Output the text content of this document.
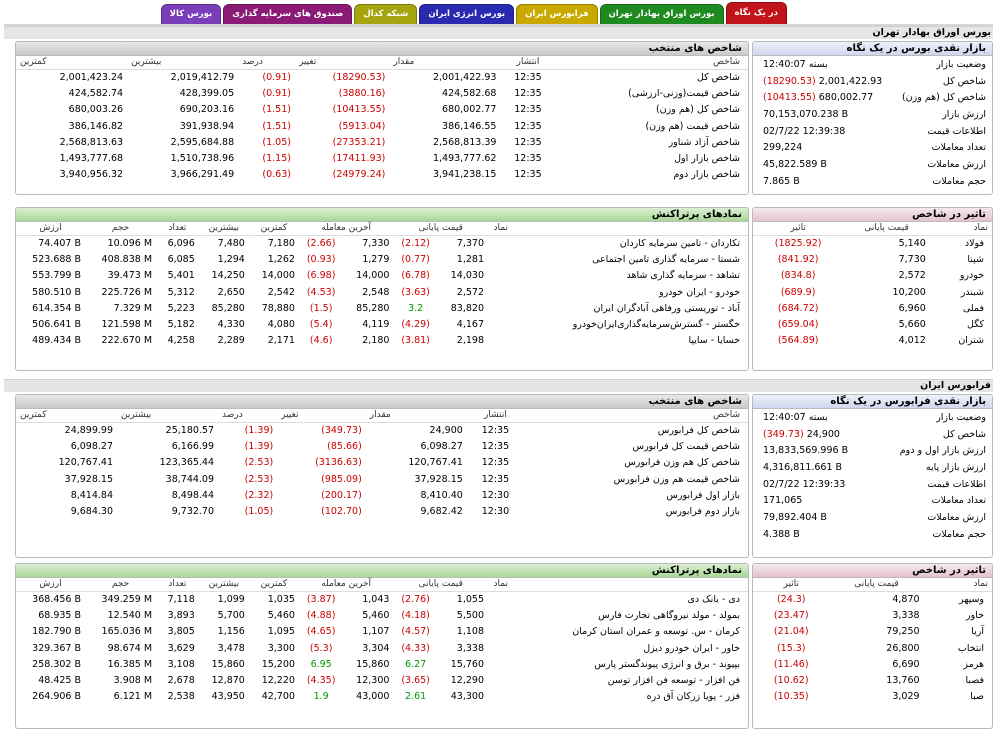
در یک نگاه
بورس اوراق بهادار تهران
فرابورس ایران
بورس انرژی ایران
شبکه کدال
صندوق های سرمایه گذاری
بورس کالا
بورس اوراق بهادار تهران
بازار نقدی بورس در یک نگاه
بسته 12:40:07	وضعیت بازار
(18290.53) 2,001,422.93	شاخص کل
(10413.55) 680,002.77	شاخص کل (هم وزن)
70,153,070.238 B	ارزش بازار
02/7/22 12:39:38	اطلاعات قیمت
299,224	تعداد معاملات
45,822.589 B	ارزش معاملات
7.865 B	حجم معاملات
شاخص های منتخب
کمترین	بیشترین	درصد	تغییر	مقدار	انتشار	شاخص
2,001,423.24	2,019,412.79	(0.91)	(18290.53)	2,001,422.93	12:35	شاخص کل
424,582.74	428,399.05	(0.91)	(3880.16)	424,582.68	12:35	شاخص قیمت(وزنی-ارزشی)
680,003.26	690,203.16	(1.51)	(10413.55)	680,002.77	12:35	شاخص کل (هم وزن)
386,146.82	391,938.94	(1.51)	(5913.04)	386,146.55	12:35	شاخص قیمت (هم وزن)
2,568,813.63	2,595,684.88	(1.05)	(27353.21)	2,568,813.39	12:35	شاخص آزاد شناور
1,493,777.68	1,510,738.96	(1.15)	(17411.93)	1,493,777.62	12:35	شاخص بازار اول
3,940,956.32	3,966,291.49	(0.63)	(24979.24)	3,941,238.15	12:35	شاخص بازار دوم
تاثیر در شاخص
تاثیر	قیمت پایانی	نماد
(1825.92)	5,140	فولاد
(841.92)	7,730	شپنا
(834.8)	2,572	خودرو
(689.9)	10,200	شبندر
(684.72)	6,960	فملی
(659.04)	5,660	کگل
(564.89)	4,012	شتران
نمادهای پرتراکنش
ارزش	حجم	تعداد	بیشترین	کمترین	آخرین معامله		قیمت پایانی		نماد
74.407 B	10.096 M	6,096	7,480	7,180	(2.66)	7,330	(2.12)	7,370	تکاردان - تامین سرمایه کاردان
523.688 B	408.838 M	6,085	1,294	1,262	(0.93)	1,279	(0.77)	1,281	شستا - سرمایه گذاری تامین اجتماعی
553.799 B	39.473 M	5,401	14,250	14,000	(6.98)	14,000	(6.78)	14,030	تشاهد - سرمایه گذاری شاهد
580.510 B	225.726 M	5,312	2,650	2,542	(4.53)	2,548	(3.63)	2,572	خودرو - ایران خودرو
614.354 B	7.329 M	5,223	85,280	78,880	(1.5)	85,280	3.2	83,820	آباد - توریستی ورفاهی آبادگران ایران
506.641 B	121.598 M	5,182	4,330	4,080	(5.4)	4,119	(4.29)	4,167	خگستر - گسترش‌سرمایه‌گذاری‌ایران‌خودرو
489.434 B	222.670 M	4,258	2,289	2,171	(4.6)	2,180	(3.81)	2,198	خسایا - سایپا
فرابورس ایران
بازار نقدی فرابورس در یک نگاه
بسته 12:40:07	وضعیت بازار
(349.73) 24,900	شاخص کل
13,833,569.996 B	ارزش بازار اول و دوم
4,316,811.661 B	ارزش بازار پایه
02/7/22 12:39:33	اطلاعات قیمت
171,065	تعداد معاملات
79,892.404 B	ارزش معاملات
4.388 B	حجم معاملات
شاخص های منتخب
کمترین	بیشترین	درصد	تغییر	مقدار	انتشار	شاخص
24,899.99	25,180.57	(1.39)	(349.73)	24,900	12:35	شاخص کل فرابورس
6,098.27	6,166.99	(1.39)	(85.66)	6,098.27	12:35	شاخص قیمت کل فرابورس
120,767.41	123,365.44	(2.53)	(3136.63)	120,767.41	12:35	شاخص کل هم وزن فرابورس
37,928.15	38,744.09	(2.53)	(985.09)	37,928.15	12:35	شاخص قیمت هم وزن فرابورس
8,414.84	8,498.44	(2.32)	(200.17)	8,410.40	12:30	بازار اول فرابورس
9,684.30	9,732.70	(1.05)	(102.70)	9,682.42	12:30	بازار دوم فرابورس
تاثیر در شاخص
تاثیر	قیمت پایانی	نماد
(24.3)	4,870	وسپهر
(23.47)	3,338	خاور
(21.04)	79,250	آریا
(15.3)	26,800	انتخاب
(11.46)	6,690	هرمز
(10.62)	13,760	فصبا
(10.35)	3,029	صبا
نمادهای پرتراکنش
ارزش	حجم	تعداد	بیشترین	کمترین	آخرین معامله		قیمت پایانی		نماد
368.456 B	349.259 M	7,118	1,099	1,035	(3.87)	1,043	(2.76)	1,055	دی - بانک دی
68.935 B	12.540 M	3,893	5,700	5,460	(4.88)	5,460	(4.18)	5,500	بمولد - مولد نیروگاهی تجارت فارس
182.790 B	165.036 M	3,805	1,156	1,095	(4.65)	1,107	(4.57)	1,108	کرمان - س. توسعه و عمران استان کرمان
329.367 B	98.674 M	3,629	3,478	3,300	(5.3)	3,304	(4.33)	3,338	خاور - ایران خودرو دیزل
258.302 B	16.385 M	3,108	15,860	15,200	6.95	15,860	6.27	15,760	بپیوند - برق و انرژی پیوندگستر پارس
48.425 B	3.908 M	2,678	12,870	12,220	(4.35)	12,300	(3.65)	12,290	فن افزار - توسعه فن افزار توسن
264.906 B	6.121 M	2,538	43,950	42,700	1.9	43,000	2.61	43,300	فزر - پویا زرکان آق دره
